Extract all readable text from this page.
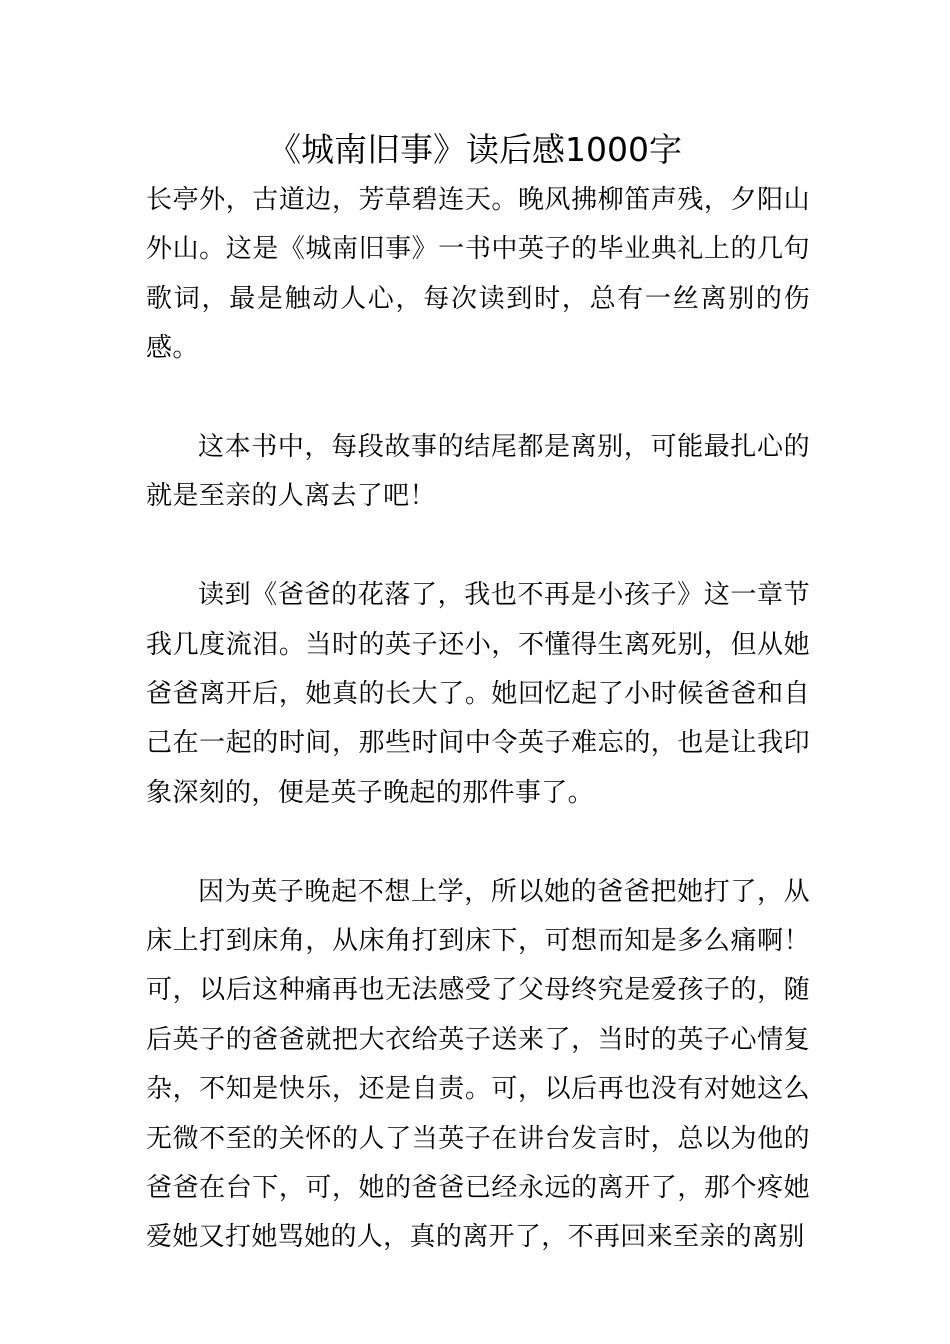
《城南旧事》读后感1000字

长亭外，古道边，芳草碧连天。晚风拂柳笛声残，夕阳山外山。这是《城南旧事》一书中英子的毕业典礼上的几句歌词，最是触动人心，每次读到时，总有一丝离别的伤感。

这本书中，每段故事的结尾都是离别，可能最扎心的就是至亲的人离去了吧！

读到《爸爸的花落了，我也不再是小孩子》这一章节我几度流泪。当时的英子还小，不懂得生离死别，但从她爸爸离开后，她真的长大了。她回忆起了小时候爸爸和自己在一起的时间，那些时间中令英子难忘的，也是让我印象深刻的，便是英子晚起的那件事了。

因为英子晚起不想上学，所以她的爸爸把她打了，从床上打到床角，从床角打到床下，可想而知是多么痛啊！可，以后这种痛再也无法感受了父母终究是爱孩子的，随后英子的爸爸就把大衣给英子送来了，当时的英子心情复杂，不知是快乐，还是自责。可，以后再也没有对她这么无微不至的关怀的人了当英子在讲台发言时，总以为他的爸爸在台下，可，她的爸爸已经永远的离开了，那个疼她爱她又打她骂她的人，真的离开了，不再回来至亲的离别
